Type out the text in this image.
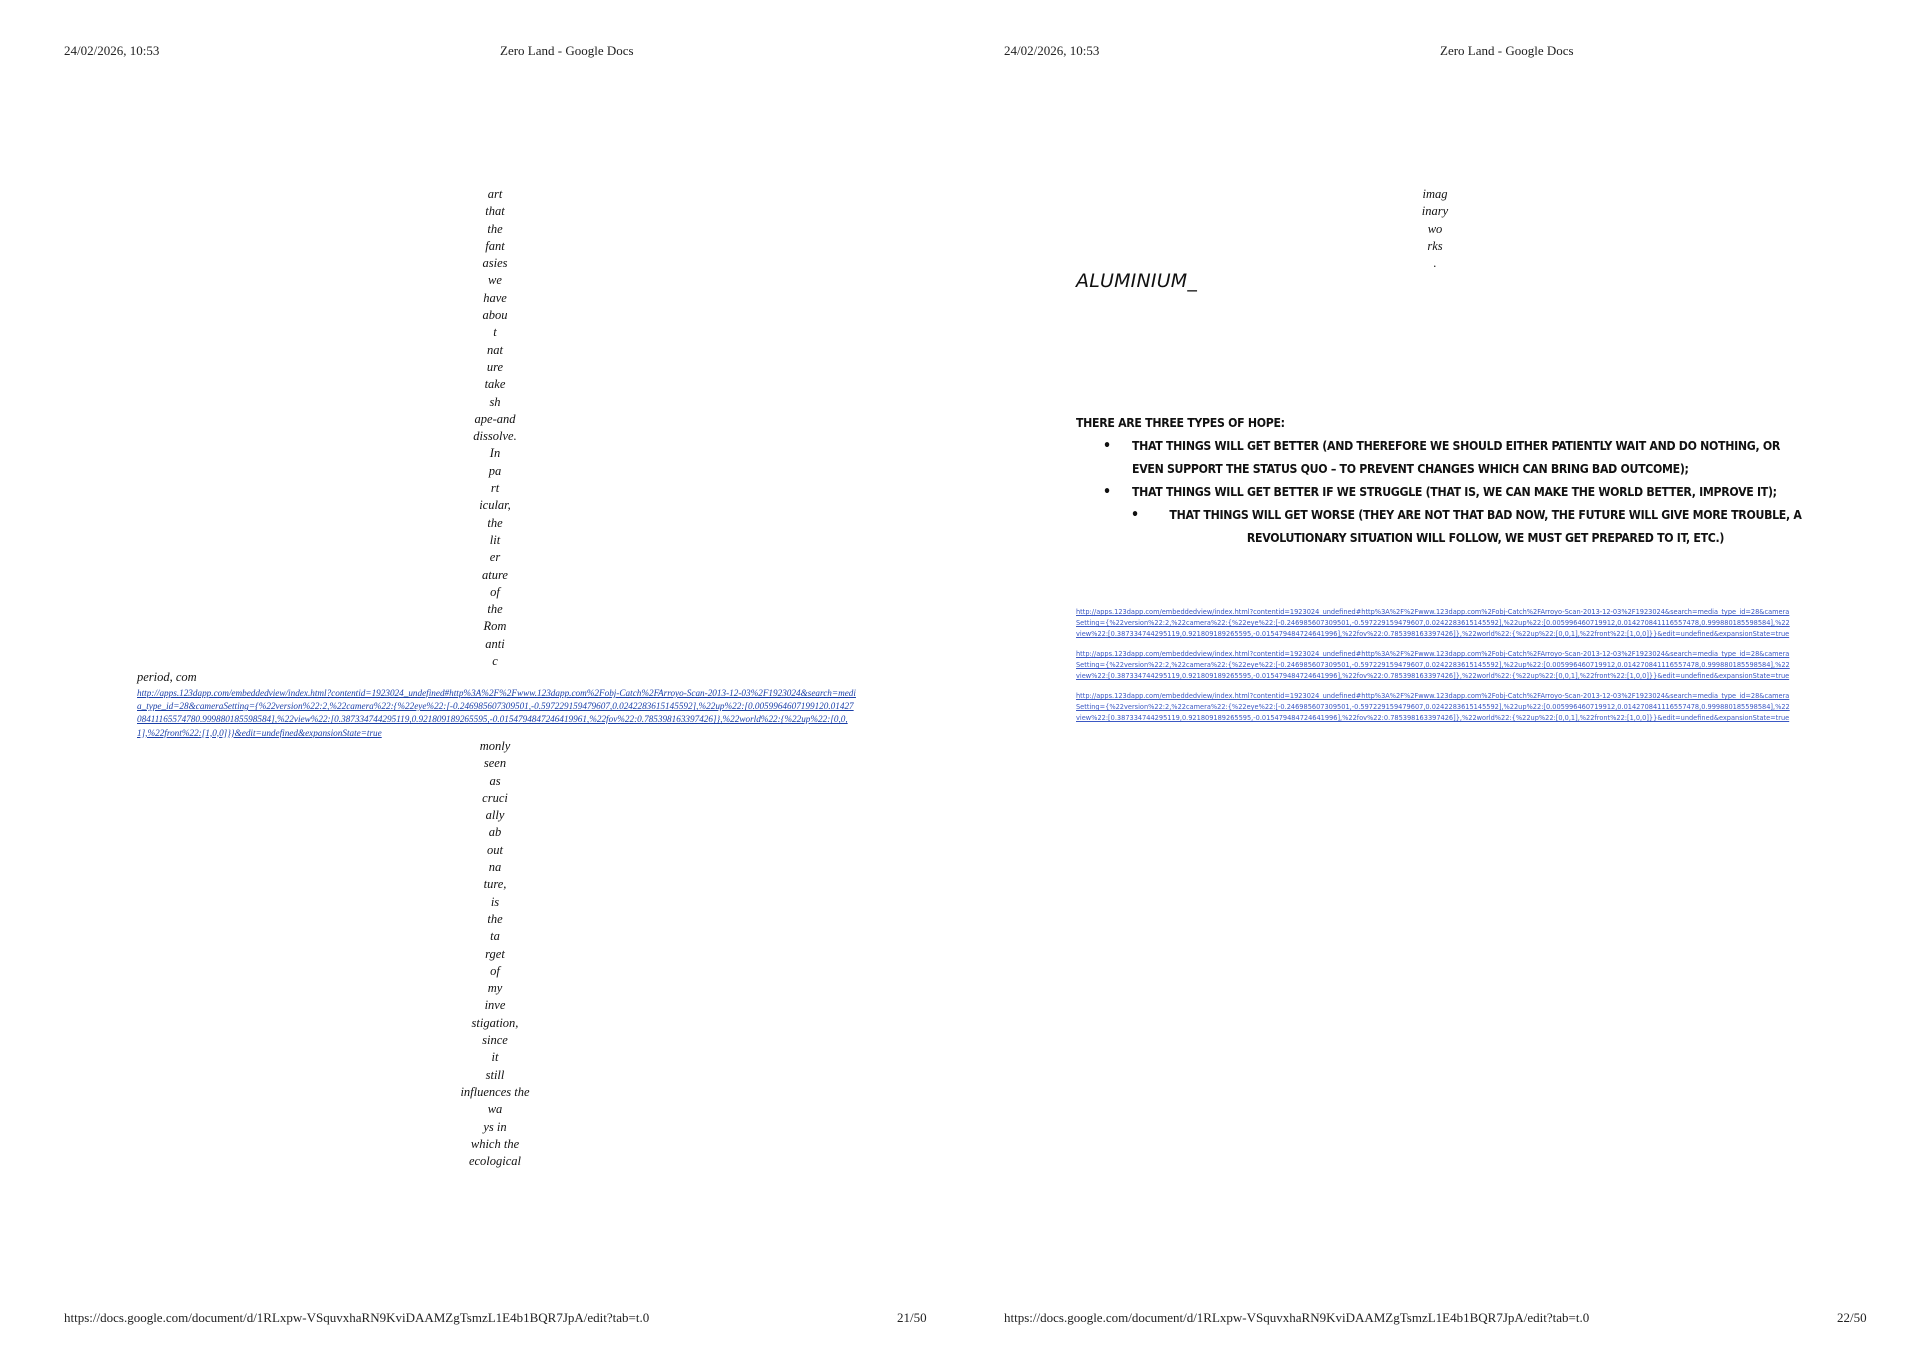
24/02/2026, 10:53	Zero Land - Google Docs
art
that
the
fant
asies
we
have
abou
t
nat
ure
take
sh
ape-and
dissolve.
In
pa
rt
icular,
the
lit
er
ature
of
the
Rom
anti
c
period, com
http://apps.123dapp.com/embeddedview/index.html?contentid=1923024_undefined#http%3A%2F%2Fwww.123dapp.com%2Fobj-Catch%2FArroyo-Scan-2013-12-03%2F1923024&search=media_type_id=28&cameraSetting={%22version%22:2,%22camera%22:{%22eye%22:[-0.246985607309501,-0.597229159479607,0.0242283615145592],%22up%22:[0.0059964607199120.0142708411165574780.999880185598584],%22view%22:[0.387334744295119,0.921809189265595,-0.0154794847246419961,%22fov%22:0.785398163397426]},%22world%22:{%22up%22:[0,0,1],%22front%22:[1,0,0]}}&edit=undefined&expansionState=true
monly
seen
as
cruci
ally
ab
out
na
ture,
is
the
ta
rget
of
my
inve
stigation,
since
it
still
influences the
wa
ys in
which the
ecological
https://docs.google.com/document/d/1RLxpw-VSquvxhaRN9KviDAAMZgTsmzL1E4b1BQR7JpA/edit?tab=t.0	21/50
24/02/2026, 10:53	Zero Land - Google Docs
https://docs.google.com/document/d/1RLxpw-VSquvxhaRN9KviDAAMZgTsmzL1E4b1BQR7JpA/edit?tab=t.0	22/50
imag
inary
wo
rks
.
ALUMINIUM_
THERE ARE THREE TYPES OF HOPE:
• THAT THINGS WILL GET BETTER (AND THEREFORE WE SHOULD EITHER PATIENTLY WAIT AND DO NOTHING, OR EVEN SUPPORT THE STATUS QUO – TO PREVENT CHANGES WHICH CAN BRING BAD OUTCOME);
• THAT THINGS WILL GET BETTER IF WE STRUGGLE (THAT IS, WE CAN MAKE THE WORLD BETTER, IMPROVE IT);
• THAT THINGS WILL GET WORSE (THEY ARE NOT THAT BAD NOW, THE FUTURE WILL GIVE MORE TROUBLE, A REVOLUTIONARY SITUATION WILL FOLLOW, WE MUST GET PREPARED TO IT, ETC.)

http://apps.123dapp.com/embeddedview/index.html?contentid=1923024_undefined#http%3A%2F%2Fwww.123dapp.com%2Fobj-Catch%2FArroyo-Scan-2013-12-03%2F1923024&search=media_type_id=28&cameraSetting={%22version%22:2,%22camera%22:{%22eye%22:[-0.246985607309501,-0.597229159479607,0.0242283615145592],%22up%22:[0.005996460719912,0.014270841116557478,0.999880185598584],%22view%22:[0.387334744295119,0.921809189265595,-0.015479484724641996],%22fov%22:0.785398163397426]},%22world%22:{%22up%22:[0,0,1],%22front%22:[1,0,0]}}&edit=undefined&expansionState=true

http://apps.123dapp.com/embeddedview/index.html?contentid=1923024_undefined#http%3A%2F%2Fwww.123dapp.com%2Fobj-Catch%2FArroyo-Scan-2013-12-03%2F1923024&search=media_type_id=28&cameraSetting={%22version%22:2,%22camera%22:{%22eye%22:[-0.246985607309501,-0.597229159479607,0.0242283615145592],%22up%22:[0.005996460719912,0.014270841116557478,0.999880185598584],%22view%22:[0.387334744295119,0.921809189265595,-0.015479484724641996],%22fov%22:0.785398163397426]},%22world%22:{%22up%22:[0,0,1],%22front%22:[1,0,0]}}&edit=undefined&expansionState=true

http://apps.123dapp.com/embeddedview/index.html?contentid=1923024_undefined#http%3A%2F%2Fwww.123dapp.com%2Fobj-Catch%2FArroyo-Scan-2013-12-03%2F1923024&search=media_type_id=28&cameraSetting={%22version%22:2,%22camera%22:{%22eye%22:[-0.246985607309501,-0.597229159479607,0.0242283615145592],%22up%22:[0.005996460719912,0.014270841116557478,0.999880185598584],%22view%22:[0.387334744295119,0.921809189265595,-0.015479484724641996],%22fov%22:0.785398163397426]},%22world%22:{%22up%22:[0,0,1],%22front%22:[1,0,0]}}&edit=undefined&expansionState=true
